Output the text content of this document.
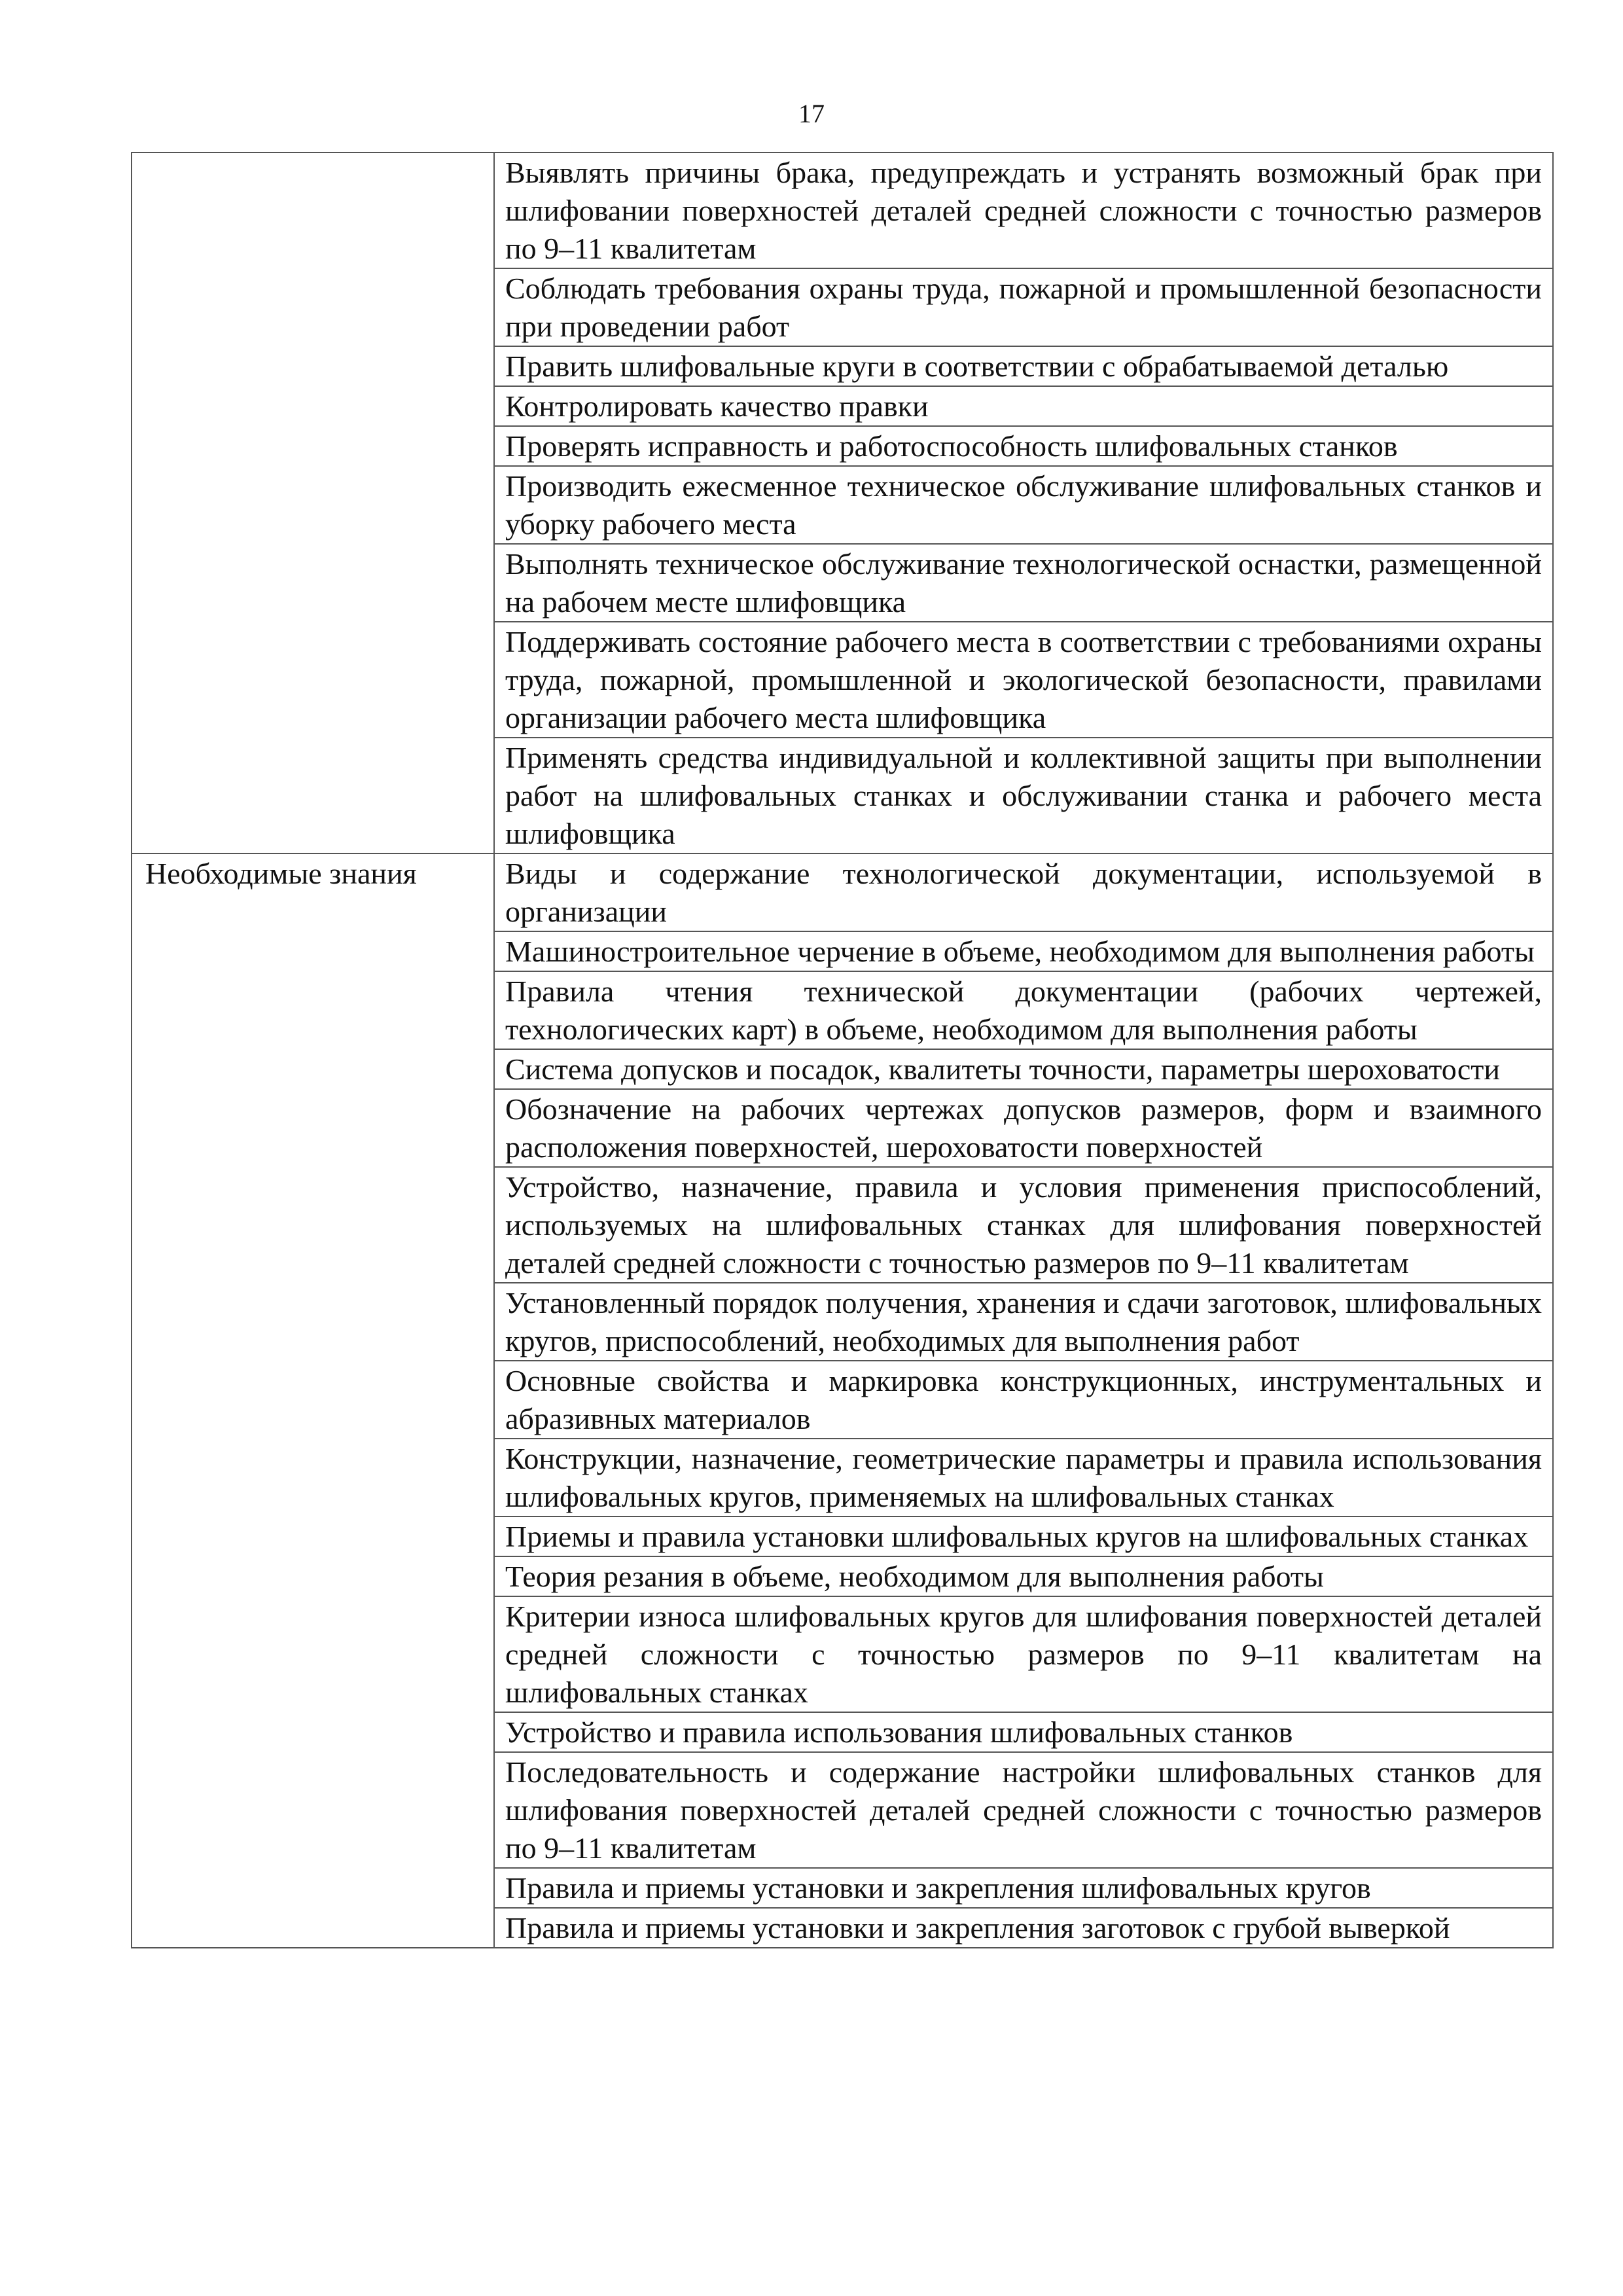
17
	Выявлять причины брака, предупреждать и устранять возможный брак при шлифовании поверхностей деталей средней сложности с точностью размеров по 9–11 квалитетам
	Соблюдать требования охраны труда, пожарной и промышленной безопасности при проведении работ
	Править шлифовальные круги в соответствии с обрабатываемой деталью
	Контролировать качество правки
	Проверять исправность и работоспособность шлифовальных станков
	Производить ежесменное техническое обслуживание шлифовальных станков и уборку рабочего места
	Выполнять техническое обслуживание технологической оснастки, размещенной на рабочем месте шлифовщика
	Поддерживать состояние рабочего места в соответствии с требованиями охраны труда, пожарной, промышленной и экологической безопасности, правилами организации рабочего места шлифовщика
	Применять средства индивидуальной и коллективной защиты при выполнении работ на шлифовальных станках и обслуживании станка и рабочего места шлифовщика
Необходимые знания	Виды и содержание технологической документации, используемой в организации
	Машиностроительное черчение в объеме, необходимом для выполнения работы
	Правила чтения технической документации (рабочих чертежей, технологических карт) в объеме, необходимом для выполнения работы
	Система допусков и посадок, квалитеты точности, параметры шероховатости
	Обозначение на рабочих чертежах допусков размеров, форм и взаимного расположения поверхностей, шероховатости поверхностей
	Устройство, назначение, правила и условия применения приспособлений, используемых на шлифовальных станках для шлифования поверхностей деталей средней сложности с точностью размеров по 9–11 квалитетам
	Установленный порядок получения, хранения и сдачи заготовок, шлифовальных кругов, приспособлений, необходимых для выполнения работ
	Основные свойства и маркировка конструкционных, инструментальных и абразивных материалов
	Конструкции, назначение, геометрические параметры и правила использования шлифовальных кругов, применяемых на шлифовальных станках
	Приемы и правила установки шлифовальных кругов на шлифовальных станках
	Теория резания в объеме, необходимом для выполнения работы
	Критерии износа шлифовальных кругов для шлифования поверхностей деталей средней сложности с точностью размеров по 9–11 квалитетам на шлифовальных станках
	Устройство и правила использования шлифовальных станков
	Последовательность и содержание настройки шлифовальных станков для шлифования поверхностей деталей средней сложности с точностью размеров по 9–11 квалитетам
	Правила и приемы установки и закрепления шлифовальных кругов
	Правила и приемы установки и закрепления заготовок с грубой выверкой
